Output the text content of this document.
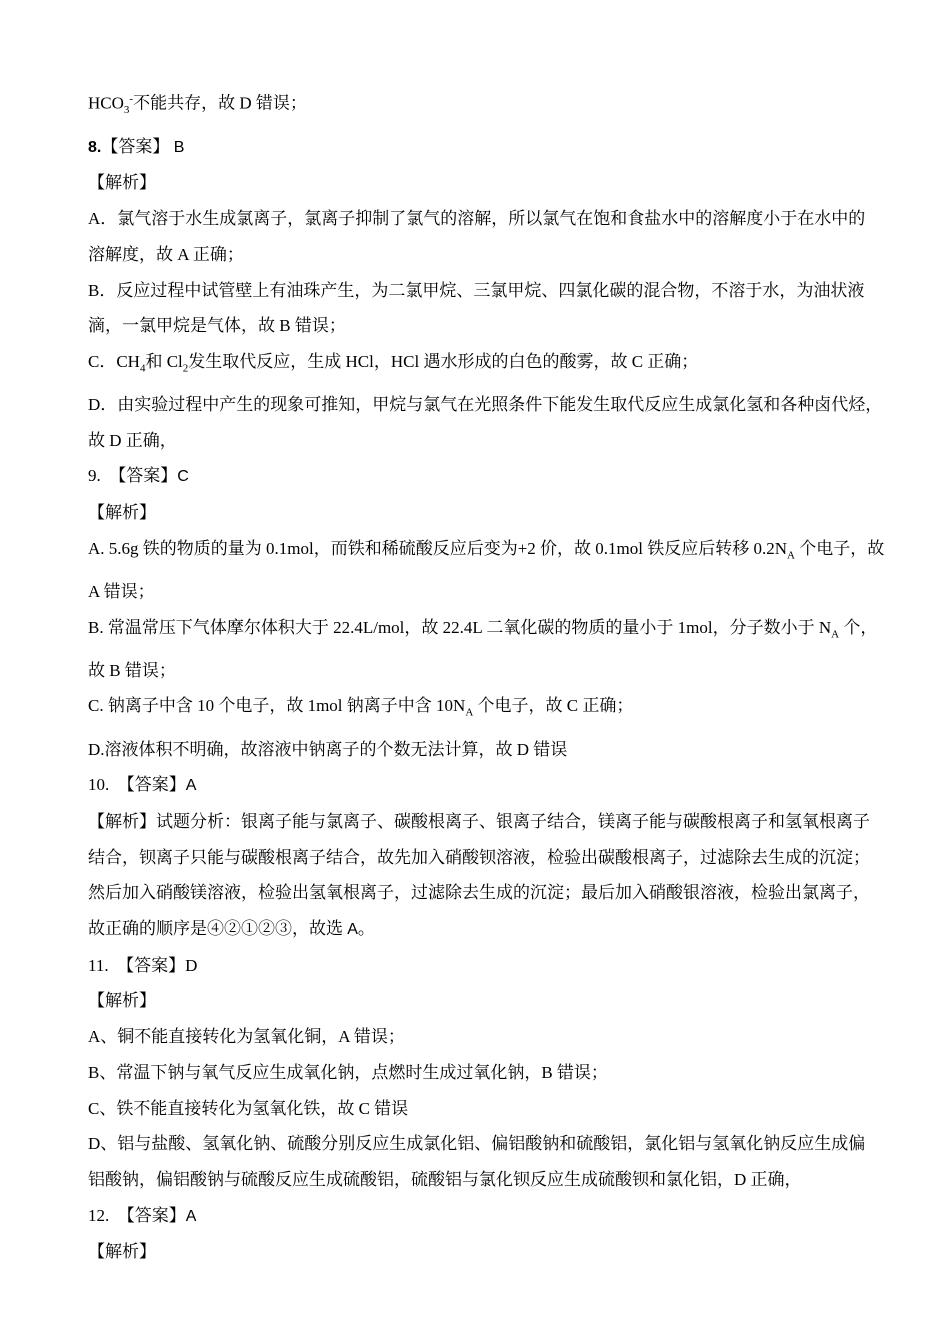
$HCO_3^-$不能共存，故 D 错误；

8.【答案】 B

【解析】

A．氯气溶于水生成氯离子，氯离子抑制了氯气的溶解，所以氯气在饱和食盐水中的溶解度小于在水中的

溶解度，故 A 正确；

B．反应过程中试管壁上有油珠产生，为二氯甲烷、三氯甲烷、四氯化碳的混合物，不溶于水，为油状液

滴，一氯甲烷是气体，故 B 错误；

C．$CH_4$和 $Cl_2$发生取代反应，生成 HCl，HCl 遇水形成的白色的酸雾，故 C 正确；

D．由实验过程中产生的现象可推知，甲烷与氯气在光照条件下能发生取代反应生成氯化氢和各种卤代烃，

故 D 正确，

9.  【答案】C

【解析】

A. 5.6g 铁的物质的量为 0.1mol，而铁和稀硫酸反应后变为+2 价，故 0.1mol 铁反应后转移 $0.2N_A$ 个电子，故

A 错误；

B. 常温常压下气体摩尔体积大于 22.4L/mol，故 22.4L 二氧化碳的物质的量小于 1mol，分子数小于 $N_A$ 个，

故 B 错误；

C. 钠离子中含 10 个电子，故 1mol 钠离子中含 $10N_A$ 个电子，故 C 正确；

D.溶液体积不明确，故溶液中钠离子的个数无法计算，故 D 错误

10.  【答案】A

【解析】试题分析：银离子能与氯离子、碳酸根离子、银离子结合，镁离子能与碳酸根离子和氢氧根离子

结合，钡离子只能与碳酸根离子结合，故先加入硝酸钡溶液，检验出碳酸根离子，过滤除去生成的沉淀；

然后加入硝酸镁溶液，检验出氢氧根离子，过滤除去生成的沉淀；最后加入硝酸银溶液，检验出氯离子，

故正确的顺序是④②①②③，故选 A。

11.  【答案】D

【解析】

A、铜不能直接转化为氢氧化铜，A 错误；

B、常温下钠与氧气反应生成氧化钠，点燃时生成过氧化钠，B 错误；

C、铁不能直接转化为氢氧化铁，故 C 错误

D、铝与盐酸、氢氧化钠、硫酸分别反应生成氯化铝、偏铝酸钠和硫酸铝，氯化铝与氢氧化钠反应生成偏

铝酸钠，偏铝酸钠与硫酸反应生成硫酸铝，硫酸铝与氯化钡反应生成硫酸钡和氯化铝，D 正确，

12.  【答案】A

【解析】
